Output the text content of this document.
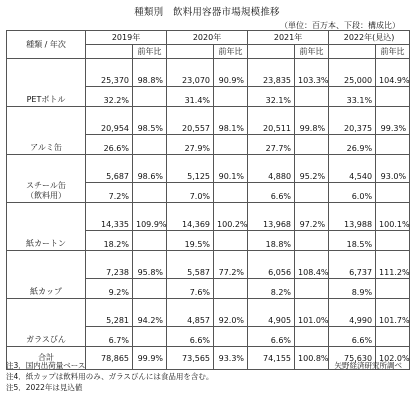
種類別　飲料用容器市場規模推移
（単位：百万本、下段：構成比）
種類 / 年次	2019年		2020年		2021年		2022年(見込)	
		前年比		前年比		前年比		前年比
PETボトル	25,370	98.8%	23,070	90.9%	23,835	103.3%	25,000	104.9%
	32.2%		31.4%		32.1%		33.1%	
アルミ缶	20,954	98.5%	20,557	98.1%	20,511	99.8%	20,375	99.3%
	26.6%		27.9%		27.7%		26.9%	
スチール缶
（飲料用）	5,687	98.6%	5,125	90.1%	4,880	95.2%	4,540	93.0%
	7.2%		7.0%		6.6%		6.0%	
紙カートン	14,335	109.9%	14,369	100.2%	13,968	97.2%	13,988	100.1%
	18.2%		19.5%		18.8%		18.5%	
紙カップ	7,238	95.8%	5,587	77.2%	6,056	108.4%	6,737	111.2%
	9.2%		7.6%		8.2%		8.9%	
ガラスびん	5,281	94.2%	4,857	92.0%	4,905	101.0%	4,990	101.7%
	6.7%		6.6%		6.6%		6.6%	
合計	78,865	99.9%	73,565	93.3%	74,155	100.8%	75,630	102.0%
注3．国内出荷量ベース
注4．紙カップは飲料用のみ、ガラスびんには食品用を含む。
注5．2022年は見込値
矢野経済研究所調べ
